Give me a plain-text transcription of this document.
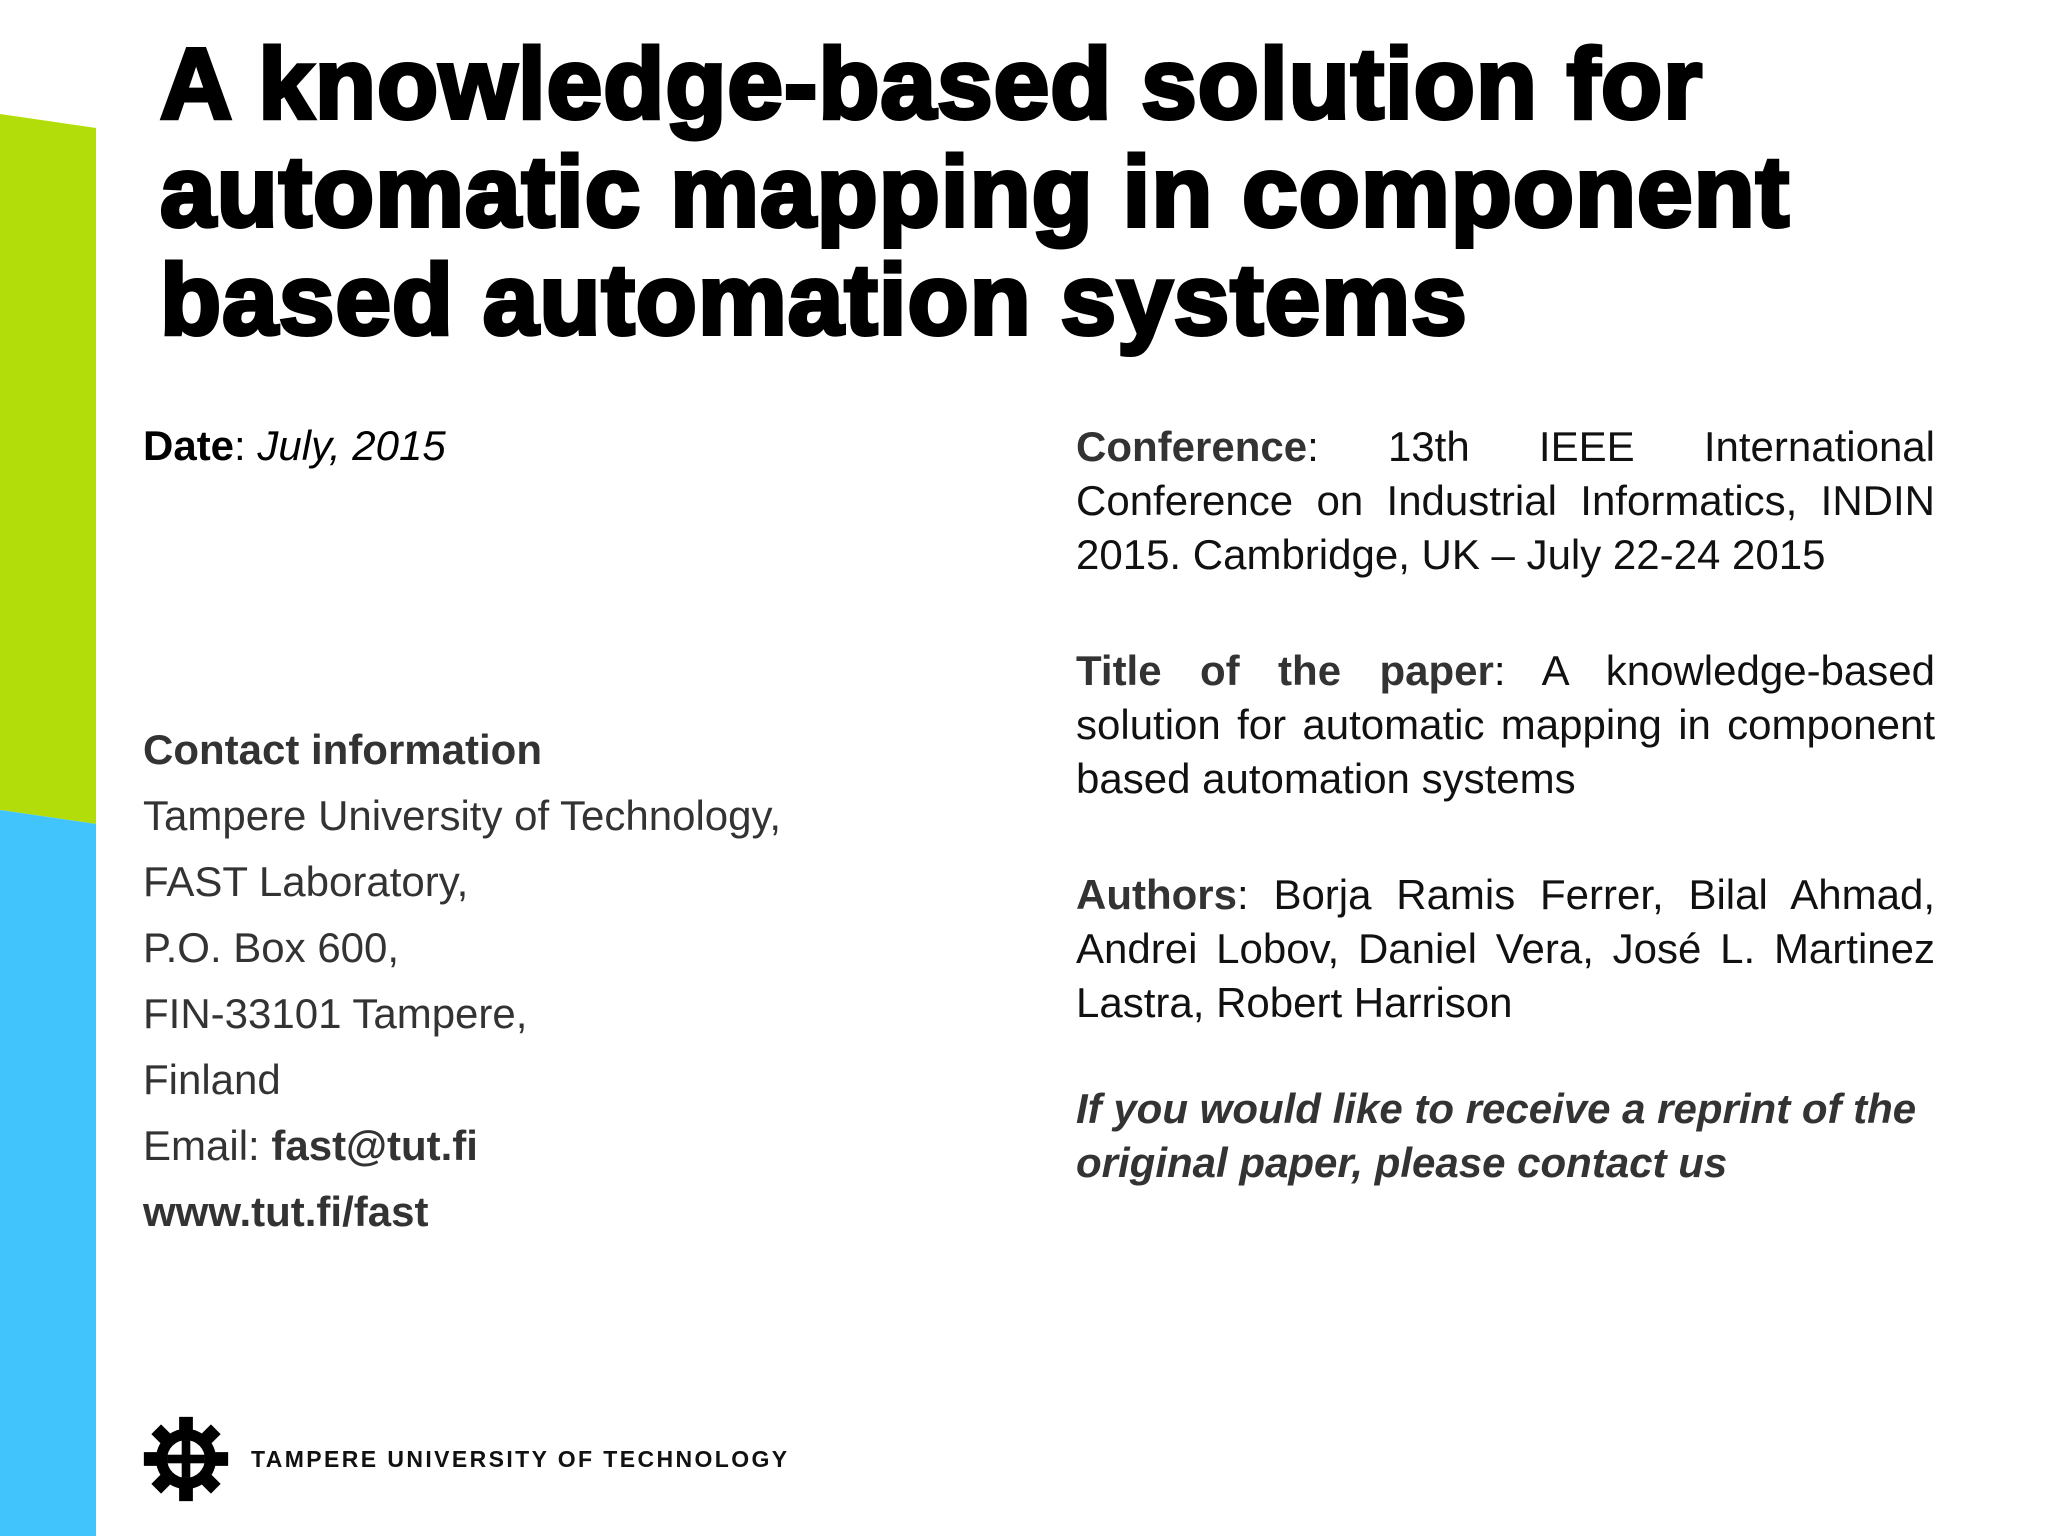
A knowledge-based solution for automatic mapping in component based automation systems

Date: July, 2015

Contact information

Tampere University of Technology,

FAST Laboratory,

P.O. Box 600,

FIN-33101 Tampere,

Finland

Email: fast@tut.fi

www.tut.fi/fast

Conference: 13th IEEE International Conference on Industrial Informatics, INDIN 2015. Cambridge, UK – July 22-24 2015

Title of the paper: A knowledge-based solution for automatic mapping in component based automation systems

Authors: Borja Ramis Ferrer, Bilal Ahmad, Andrei Lobov, Daniel Vera, José L. Martinez Lastra, Robert Harrison

If you would like to receive a reprint of the original paper, please contact us

TAMPERE UNIVERSITY OF TECHNOLOGY
